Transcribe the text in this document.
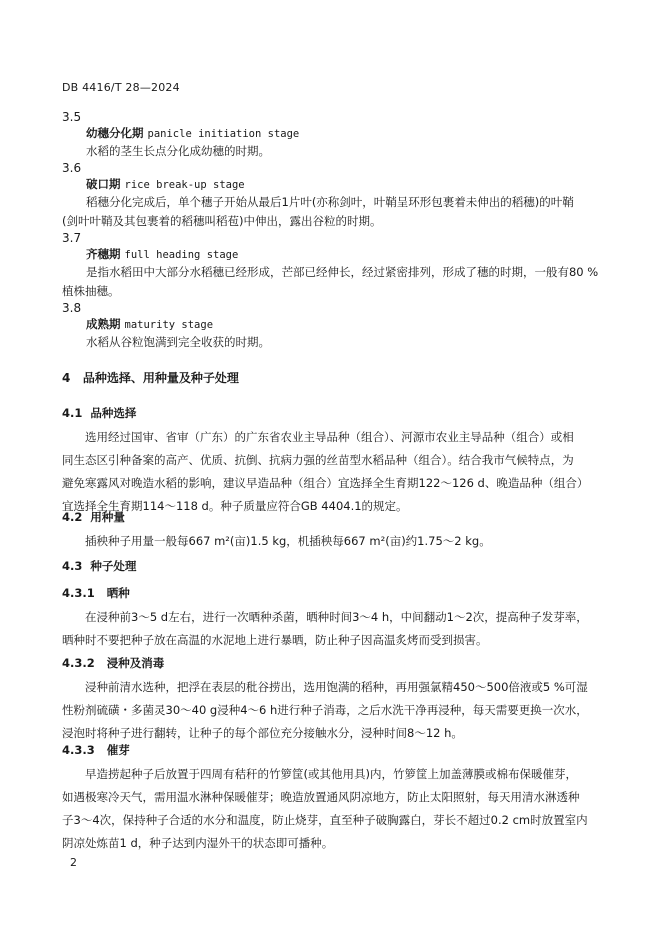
DB 4416/T 28—2024
3.5
幼穗分化期 panicle initiation stage
水稻的茎生长点分化成幼穗的时期。
3.6
破口期 rice break-up stage
稻穗分化完成后，单个穗子开始从最后1片叶(亦称剑叶，叶鞘呈环形包裹着未伸出的稻穗)的叶鞘
(剑叶叶鞘及其包裹着的稻穗叫稻苞)中伸出，露出谷粒的时期。
3.7
齐穗期 full heading stage
是指水稻田中大部分水稻穗已经形成，芒部已经伸长，经过紧密排列，形成了穗的时期，一般有80 %
植株抽穗。
3.8
成熟期 maturity stage
水稻从谷粒饱满到完全收获的时期。
4 品种选择、用种量及种子处理
4.1 品种选择
选用经过国审、省审（广东）的广东省农业主导品种（组合）、河源市农业主导品种（组合）或相
同生态区引种备案的高产、优质、抗倒、抗病力强的丝苗型水稻品种（组合）。结合我市气候特点，为
避免寒露风对晚造水稻的影响，建议早造品种（组合）宜选择全生育期122～126 d、晚造品种（组合）
宜选择全生育期114～118 d。种子质量应符合GB 4404.1的规定。
4.2 用种量
插秧种子用量一般每667 m²(亩)1.5 kg，机插秧每667 m²(亩)约1.75～2 kg。
4.3 种子处理
4.3.1 晒种
在浸种前3～5 d左右，进行一次晒种杀菌，晒种时间3～4 h，中间翻动1～2次，提高种子发芽率，
晒种时不要把种子放在高温的水泥地上进行暴晒，防止种子因高温炙烤而受到损害。
4.3.2 浸种及消毒
浸种前清水选种，把浮在表层的秕谷捞出，选用饱满的稻种，再用强氯精450～500倍液或5 %可湿
性粉剂硫磺・多菌灵30～40 g浸种4～6 h进行种子消毒，之后水洗干净再浸种，每天需要更换一次水，
浸泡时将种子进行翻转，让种子的每个部位充分接触水分，浸种时间8～12 h。
4.3.3 催芽
早造捞起种子后放置于四周有秸秆的竹箩筐(或其他用具)内，竹箩筐上加盖薄膜或棉布保暖催芽，
如遇极寒冷天气，需用温水淋种保暖催芽；晚造放置通风阴凉地方，防止太阳照射，每天用清水淋透种
子3～4次，保持种子合适的水分和温度，防止烧芽，直至种子破胸露白，芽长不超过0.2 cm时放置室内
阴凉处炼苗1 d，种子达到内湿外干的状态即可播种。
2
